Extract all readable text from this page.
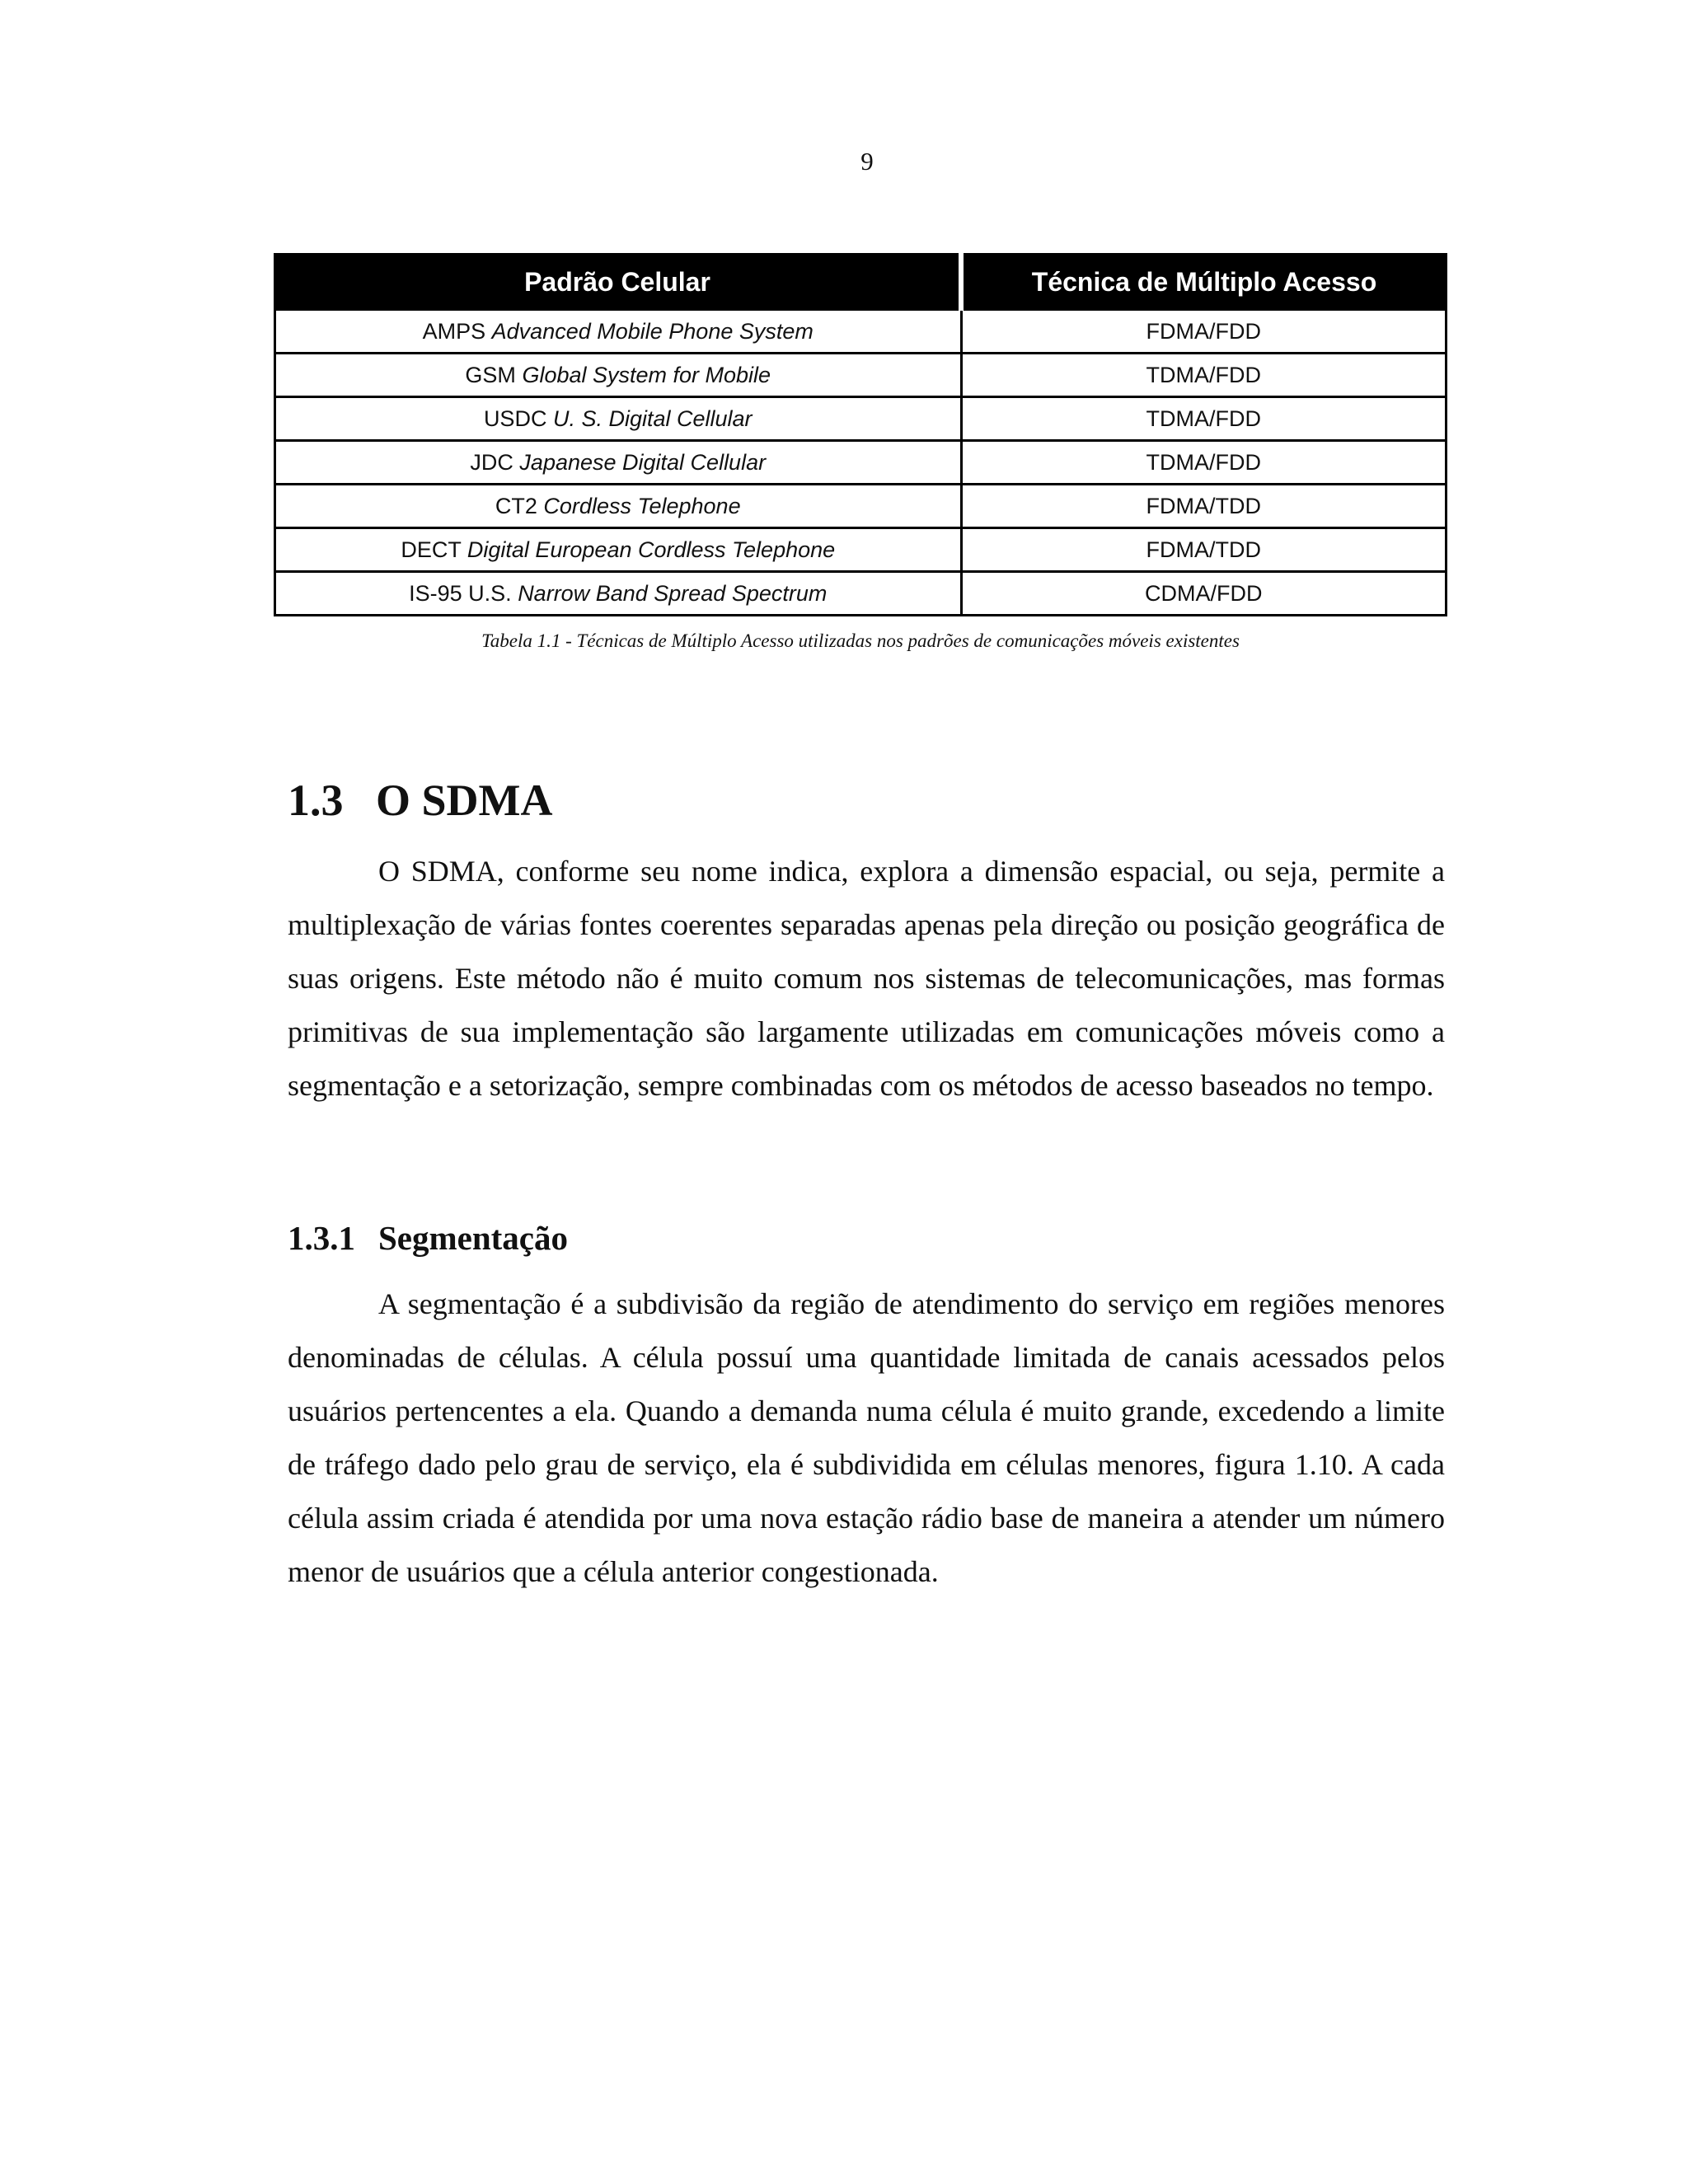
9
Padrão Celular	Técnica de Múltiplo Acesso
AMPS Advanced Mobile Phone System	FDMA/FDD
GSM Global System for Mobile	TDMA/FDD
USDC U. S. Digital Cellular	TDMA/FDD
JDC Japanese Digital Cellular	TDMA/FDD
CT2 Cordless Telephone	FDMA/TDD
DECT Digital European Cordless Telephone	FDMA/TDD
IS-95 U.S. Narrow Band Spread Spectrum	CDMA/FDD
Tabela 1.1 - Técnicas de Múltiplo Acesso utilizadas nos padrões de comunicações móveis existentes
1.3 O SDMA

O SDMA, conforme seu nome indica, explora a dimensão espacial, ou seja, permite a multiplexação de várias fontes coerentes separadas apenas pela direção ou posição geográfica de suas origens. Este método não é muito comum nos sistemas de telecomunicações, mas formas primitivas de sua implementação são largamente utilizadas em comunicações móveis como a segmentação e a setorização, sempre combinadas com os métodos de acesso baseados no tempo.

1.3.1 Segmentação

A segmentação é a subdivisão da região de atendimento do serviço em regiões menores denominadas de células. A célula possuí uma quantidade limitada de canais acessados pelos usuários pertencentes a ela. Quando a demanda numa célula é muito grande, excedendo a limite de tráfego dado pelo grau de serviço, ela é subdividida em células menores, figura 1.10. A cada célula assim criada é atendida por uma nova estação rádio base de maneira a atender um número menor de usuários que a célula anterior congestionada.
